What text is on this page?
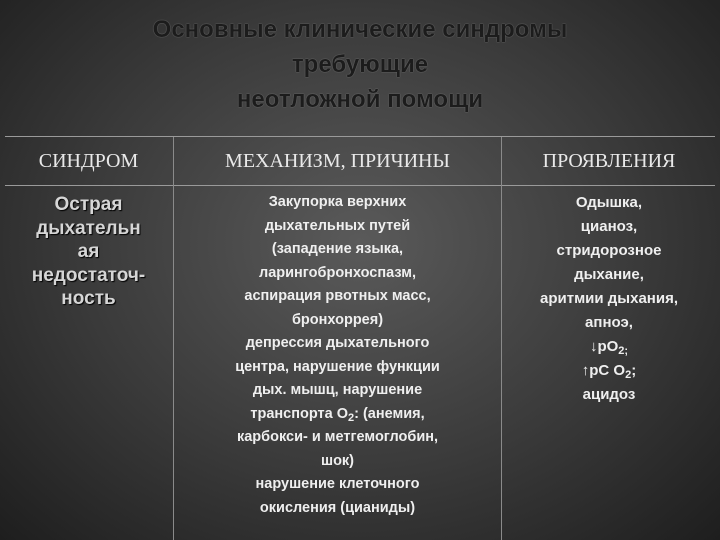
Основные клинические синдромы
требующие
неотложной помощи
СИНДРОМ	МЕХАНИЗМ, ПРИЧИНЫ	ПРОЯВЛЕНИЯ
Острая
дыхательн
ая
недостаточ-
ность
Закупорка верхних
дыхательных путей
(западение языка,
ларингобронхоспазм,
аспирация рвотных масс,
бронхоррея)
депрессия дыхательного
центра, нарушение функции
дых. мышц, нарушение
транспорта $О_2$: (анемия,
карбокси- и метгемоглобин,
шок)
нарушение клеточного
окисления (цианиды)
Одышка,
цианоз,
стридорозное
дыхание,
аритмии дыхания,
апноэ,
$↓рО_{2;}$
↑рС $О_2$;
ацидоз
